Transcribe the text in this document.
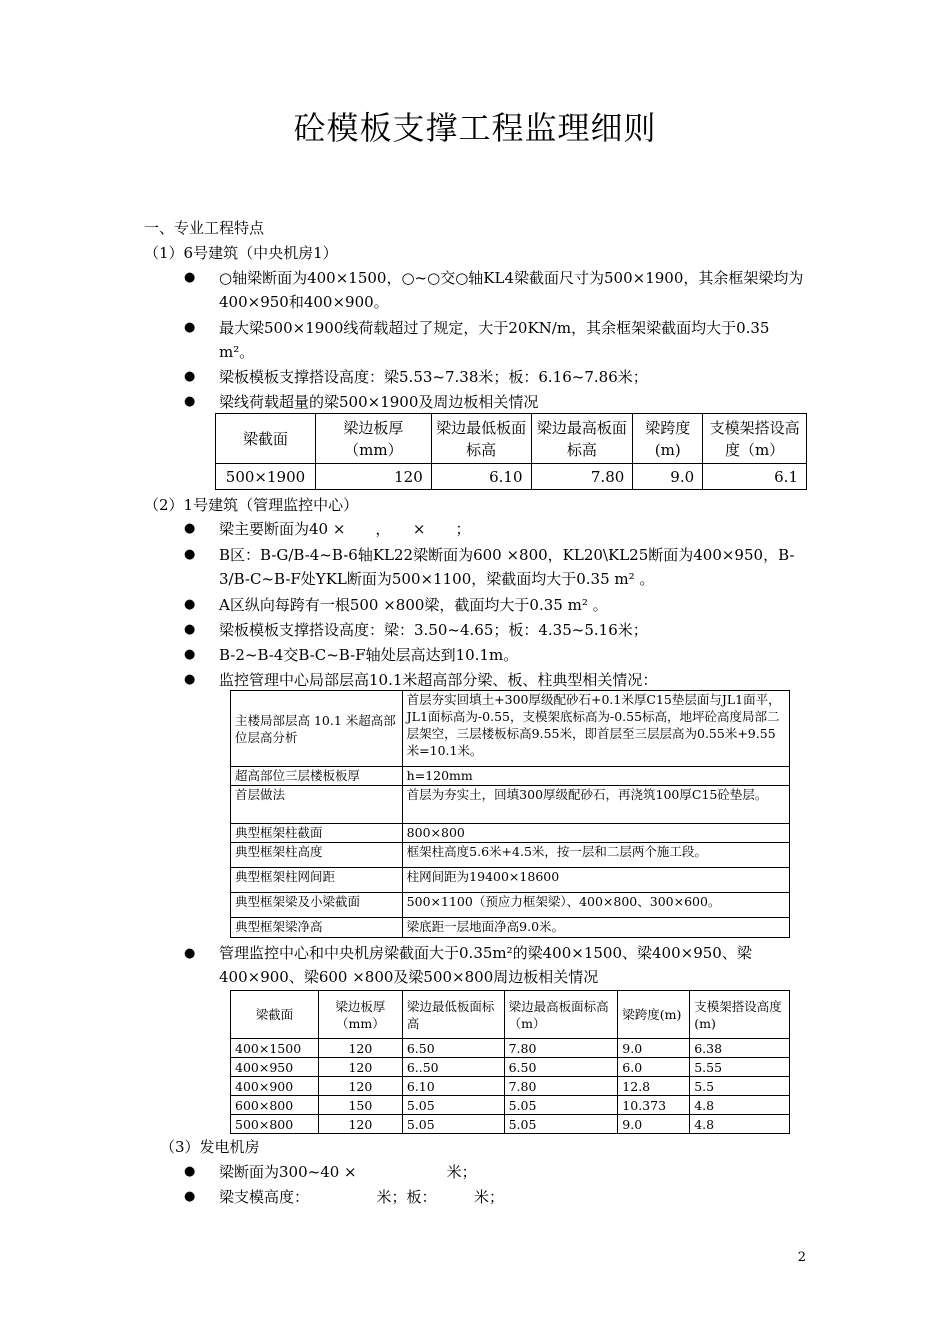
砼模板支撑工程监理细则
一、专业工程特点
（1）6号建筑（中央机房1）
● ○轴梁断面为400×1500，○~○交○轴KL4梁截面尺寸为500×1900，其余框架梁均为400×950和400×900。
● 最大梁500×1900线荷载超过了规定，大于20KN/m，其余框架梁截面均大于0.35 m²。
● 梁板模板支撑搭设高度：梁5.53~7.38米；板：6.16~7.86米；
● 梁线荷载超量的梁500×1900及周边板相关情况
梁截面	梁边板厚（mm）	梁边最低板面标高	梁边最高板面标高	梁跨度(m)	支模架搭设高度（m）
500×1900	120	6.10	7.80	9.0	6.1
（2）1号建筑（管理监控中心）
● 梁主要断面为40 ×　　，　　×　　；
● B区：B-G/B-4~B-6轴KL22梁断面为600 ×800，KL20\KL25断面为400×950，B-3/B-C~B-F处YKL断面为500×1100，梁截面均大于0.35 m² 。
● A区纵向每跨有一根500 ×800梁，截面均大于0.35 m² 。
● 梁板模板支撑搭设高度：梁：3.50~4.65；板：4.35~5.16米；
● B-2~B-4交B-C~B-F轴处层高达到10.1m。
● 监控管理中心局部层高10.1米超高部分梁、板、柱典型相关情况：
主楼局部层高 10.1 米超高部位层高分析	首层夯实回填土+300厚级配砂石+0.1米厚C15垫层面与JL1面平，JL1面标高为-0.55，支模架底标高为-0.55标高，地坪砼高度局部二层架空，三层楼板标高9.55米，即首层至三层层高为0.55米+9.55米=10.1米。
超高部位三层楼板板厚	h=120mm
首层做法	首层为夯实土，回填300厚级配砂石，再浇筑100厚C15砼垫层。
典型框架柱截面	800×800
典型框架柱高度	框架柱高度5.6米+4.5米，按一层和二层两个施工段。
典型框架柱网间距	柱网间距为19400×18600
典型框架梁及小梁截面	500×1100（预应力框架梁）、400×800、300×600。
典型框架梁净高	梁底距一层地面净高9.0米。
● 管理监控中心和中央机房梁截面大于0.35m²的梁400×1500、梁400×950、梁400×900、梁600 ×800及梁500×800周边板相关情况
梁截面	梁边板厚（mm）	梁边最低板面标高	梁边最高板面标高（m）	梁跨度(m)	支模架搭设高度(m)
400×1500	120	6.50	7.80	9.0	6.38
400×950	120	6..50	6.50	6.0	5.55
400×900	120	6.10	7.80	12.8	5.5
600×800	150	5.05	5.05	10.373	4.8
500×800	120	5.05	5.05	9.0	4.8
（3）发电机房
● 梁断面为300~40 ×　　　　　　米；
● 梁支模高度：　　　　　米；板：　　　米；
2
